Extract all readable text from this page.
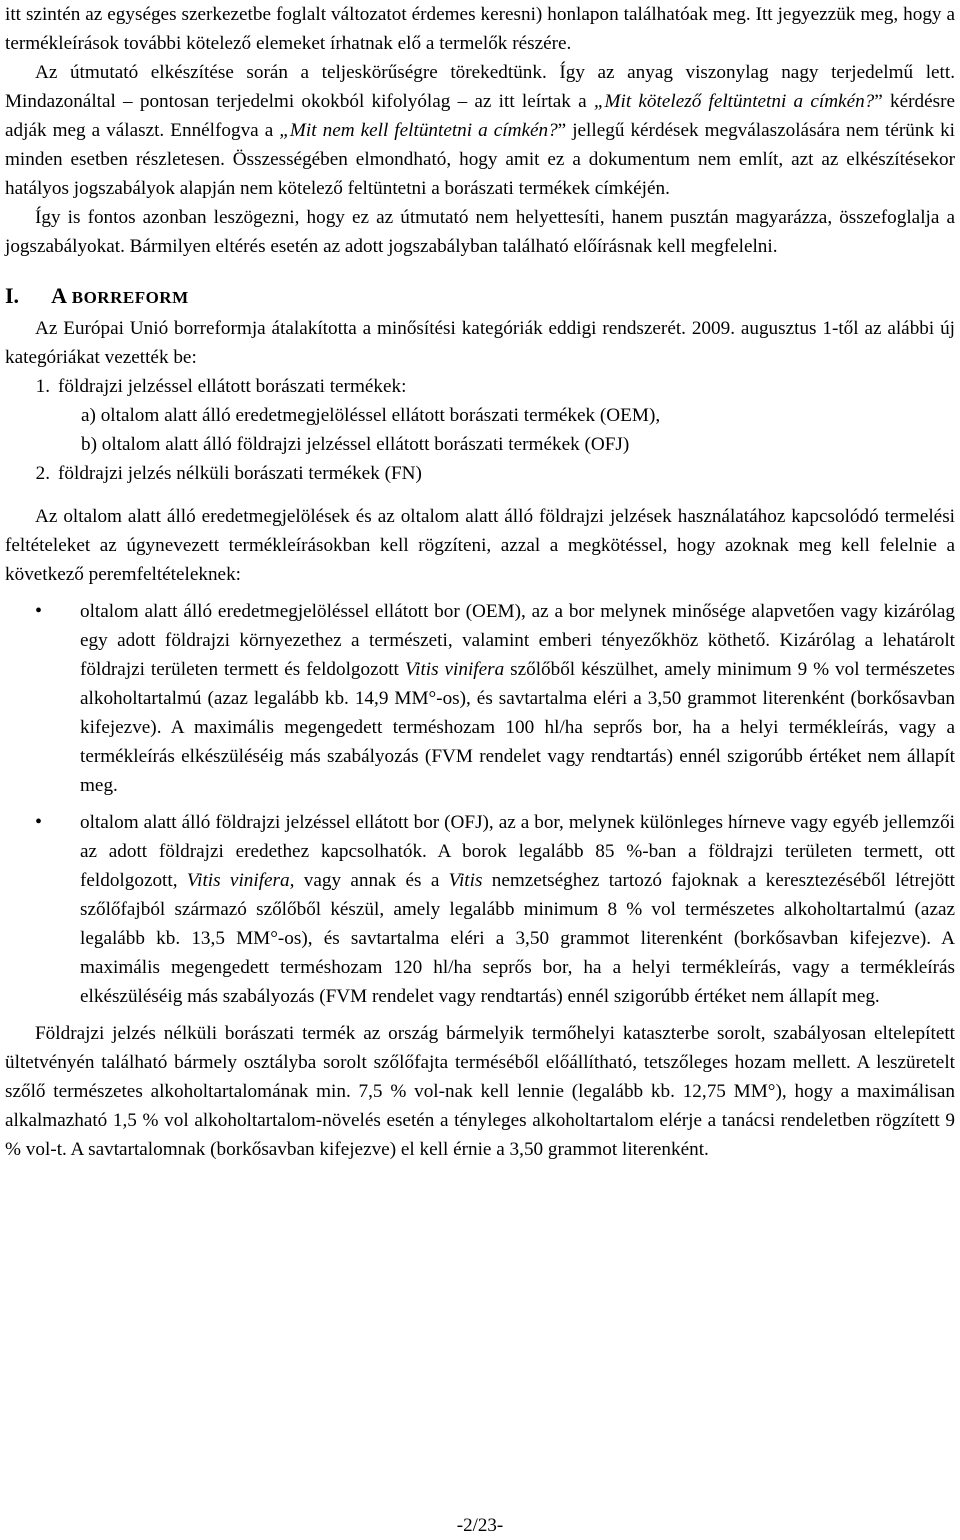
itt szintén az egységes szerkezetbe foglalt változatot érdemes keresni) honlapon találhatóak meg. Itt jegyezzük meg, hogy a termékleírások további kötelező elemeket írhatnak elő a termelők részére.

Az útmutató elkészítése során a teljeskörűségre törekedtünk. Így az anyag viszonylag nagy terjedelmű lett. Mindazonáltal – pontosan terjedelmi okokból kifolyólag – az itt leírtak a „Mit kötelező feltüntetni a címkén?” kérdésre adják meg a választ. Ennélfogva a „Mit nem kell feltüntetni a címkén?” jellegű kérdések megválaszolására nem térünk ki minden esetben részletesen. Összességében elmondható, hogy amit ez a dokumentum nem említ, azt az elkészítésekor hatályos jogszabályok alapján nem kötelező feltüntetni a borászati termékek címkéjén.

Így is fontos azonban leszögezni, hogy ez az útmutató nem helyettesíti, hanem pusztán magyarázza, összefoglalja a jogszabályokat. Bármilyen eltérés esetén az adott jogszabályban található előírásnak kell megfelelni.

I. A BORREFORM

Az Európai Unió borreformja átalakította a minősítési kategóriák eddigi rendszerét. 2009. augusztus 1-től az alábbi új kategóriákat vezették be:

1. földrajzi jelzéssel ellátott borászati termékek:
a) oltalom alatt álló eredetmegjelöléssel ellátott borászati termékek (OEM),
b) oltalom alatt álló földrajzi jelzéssel ellátott borászati termékek (OFJ)
2. földrajzi jelzés nélküli borászati termékek (FN)

Az oltalom alatt álló eredetmegjelölések és az oltalom alatt álló földrajzi jelzések használatához kapcsolódó termelési feltételeket az úgynevezett termékleírásokban kell rögzíteni, azzal a megkötéssel, hogy azoknak meg kell felelnie a következő peremfeltételeknek:

• oltalom alatt álló eredetmegjelöléssel ellátott bor (OEM), az a bor melynek minősége alapvetően vagy kizárólag egy adott földrajzi környezethez a természeti, valamint emberi tényezőkhöz köthető. Kizárólag a lehatárolt földrajzi területen termett és feldolgozott Vitis vinifera szőlőből készülhet, amely minimum 9 % vol természetes alkoholtartalmú (azaz legalább kb. 14,9 MM°-os), és savtartalma eléri a 3,50 grammot literenként (borkősavban kifejezve). A maximális megengedett terméshozam 100 hl/ha seprős bor, ha a helyi termékleírás, vagy a termékleírás elkészüléséig más szabályozás (FVM rendelet vagy rendtartás) ennél szigorúbb értéket nem állapít meg.
• oltalom alatt álló földrajzi jelzéssel ellátott bor (OFJ), az a bor, melynek különleges hírneve vagy egyéb jellemzői az adott földrajzi eredethez kapcsolhatók. A borok legalább 85 %-ban a földrajzi területen termett, ott feldolgozott, Vitis vinifera, vagy annak és a Vitis nemzetséghez tartozó fajoknak a keresztezéséből létrejött szőlőfajból származó szőlőből készül, amely legalább minimum 8 % vol természetes alkoholtartalmú (azaz legalább kb. 13,5 MM°-os), és savtartalma eléri a 3,50 grammot literenként (borkősavban kifejezve). A maximális megengedett terméshozam 120 hl/ha seprős bor, ha a helyi termékleírás, vagy a termékleírás elkészüléséig más szabályozás (FVM rendelet vagy rendtartás) ennél szigorúbb értéket nem állapít meg.

Földrajzi jelzés nélküli borászati termék az ország bármelyik termőhelyi kataszterbe sorolt, szabályosan eltelepített ültetvényén található bármely osztályba sorolt szőlőfajta terméséből előállítható, tetszőleges hozam mellett. A leszüretelt szőlő természetes alkoholtartalomának min. 7,5 % vol-nak kell lennie (legalább kb. 12,75 MM°), hogy a maximálisan alkalmazható 1,5 % vol alkoholtartalom-növelés esetén a tényleges alkoholtartalom elérje a tanácsi rendeletben rögzített 9 % vol-t. A savtartalomnak (borkősavban kifejezve) el kell érnie a 3,50 grammot literenként.

-2/23-
